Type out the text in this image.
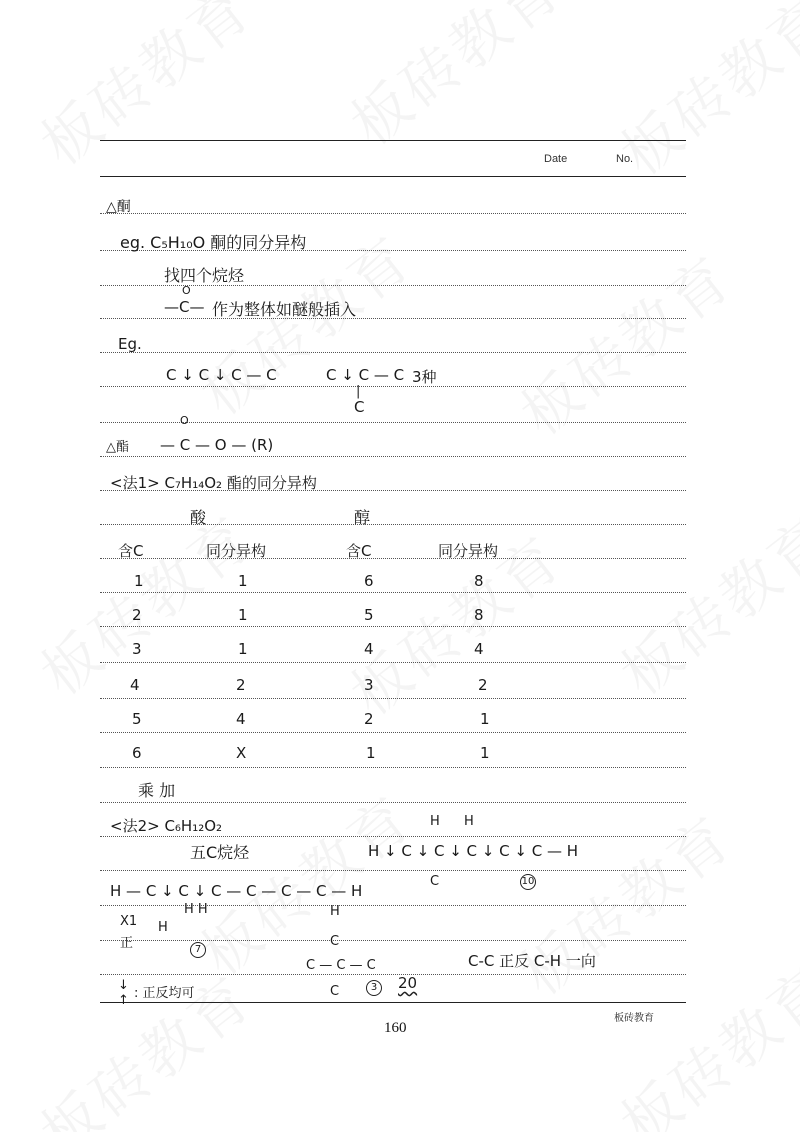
Date	No.
△酮
eg. C₅H₁₀O 酮的同分异构
找四个烷烃
O
—C— 作为整体如醚般插入
Eg.
C ↓ C ↓ C — C	C ↓ C — C
|
C
3种
O
△酯 — C — O — (R)
<法1> C₇H₁₄O₂ 酯的同分异构
酸	醇
含C	同分异构	含C	同分异构
1	1	6	8
2	1	5	8
3	1	4	4
4	2	3	2
5	4	2	1
6	X	1	1
乘 加
<法2> C₆H₁₂O₂
五C烷烃	H ↓ C ↓ C ↓ C ↓ C ↓ C — H
H H
C	10
H — C ↓ C ↓ C — C — C — C — H
H H
X1 H
正	7
H
C
C — C — C
C	3	20
C-C 正反 C-H 一向
↓
↑ : 正反均可
160
板砖教育
